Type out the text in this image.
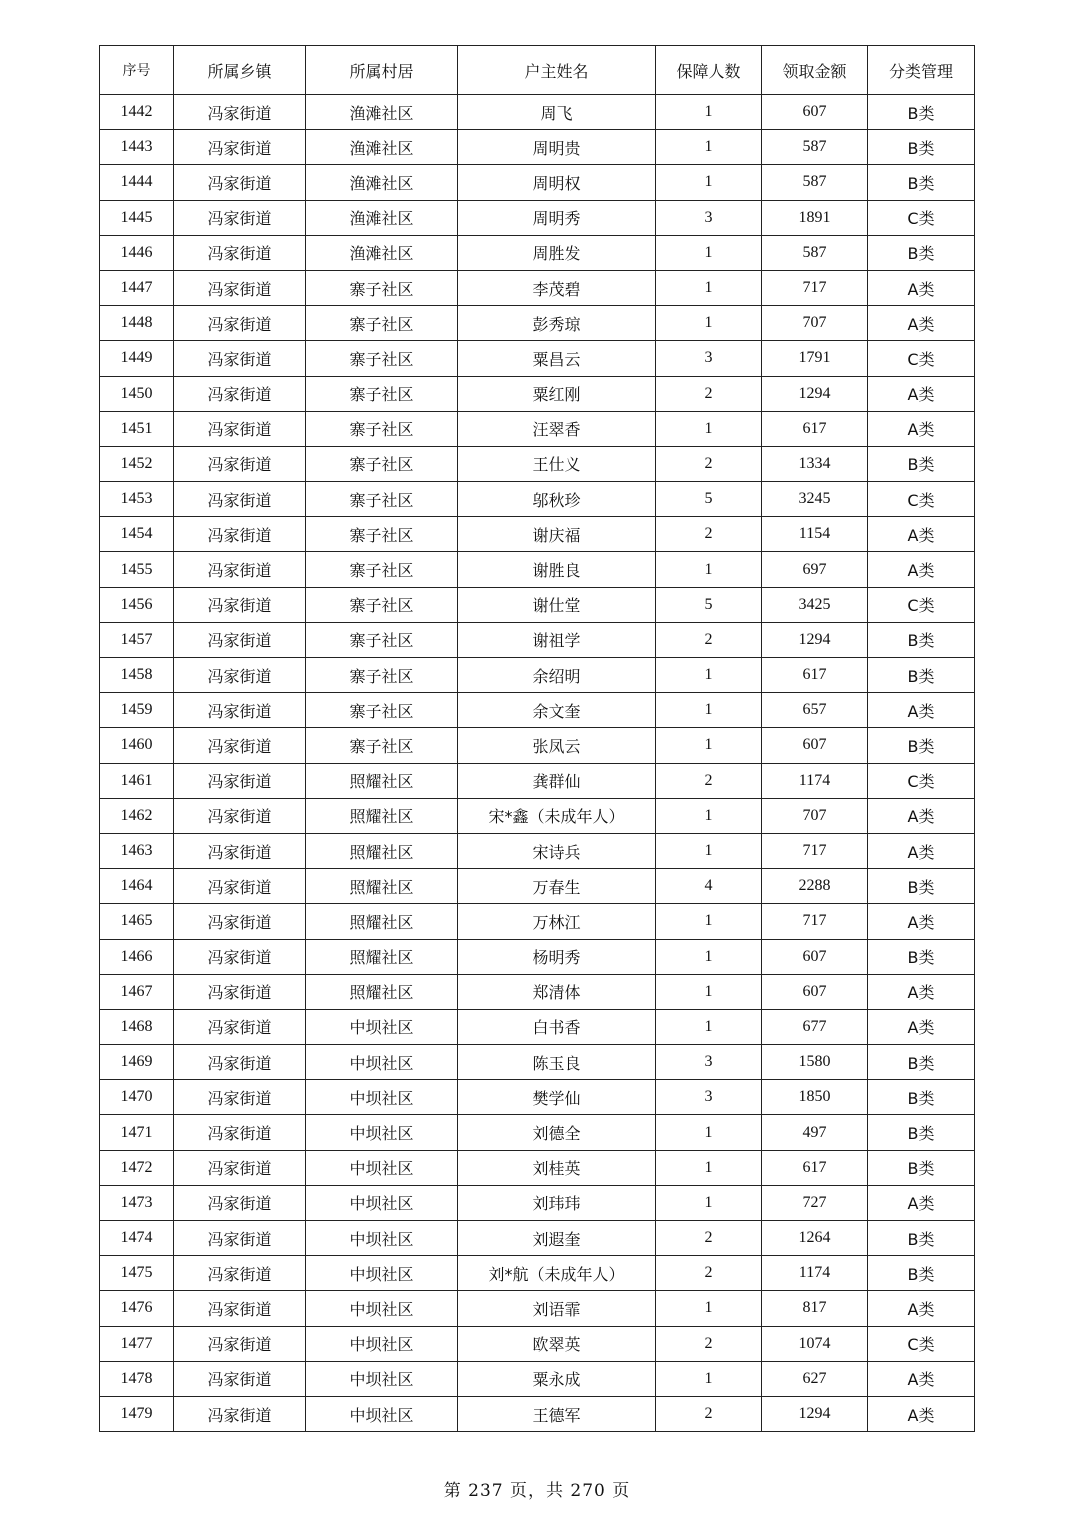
序号	所属乡镇	所属村居	户主姓名	保障人数	领取金额	分类管理
1442	冯家街道	渔滩社区	周飞	1	607	B类
1443	冯家街道	渔滩社区	周明贵	1	587	B类
1444	冯家街道	渔滩社区	周明权	1	587	B类
1445	冯家街道	渔滩社区	周明秀	3	1891	C类
1446	冯家街道	渔滩社区	周胜发	1	587	B类
1447	冯家街道	寨子社区	李茂碧	1	717	A类
1448	冯家街道	寨子社区	彭秀琼	1	707	A类
1449	冯家街道	寨子社区	粟昌云	3	1791	C类
1450	冯家街道	寨子社区	粟红刚	2	1294	A类
1451	冯家街道	寨子社区	汪翠香	1	617	A类
1452	冯家街道	寨子社区	王仕义	2	1334	B类
1453	冯家街道	寨子社区	邬秋珍	5	3245	C类
1454	冯家街道	寨子社区	谢庆福	2	1154	A类
1455	冯家街道	寨子社区	谢胜良	1	697	A类
1456	冯家街道	寨子社区	谢仕堂	5	3425	C类
1457	冯家街道	寨子社区	谢祖学	2	1294	B类
1458	冯家街道	寨子社区	余绍明	1	617	B类
1459	冯家街道	寨子社区	余文奎	1	657	A类
1460	冯家街道	寨子社区	张凤云	1	607	B类
1461	冯家街道	照耀社区	龚群仙	2	1174	C类
1462	冯家街道	照耀社区	宋*鑫（未成年人）	1	707	A类
1463	冯家街道	照耀社区	宋诗兵	1	717	A类
1464	冯家街道	照耀社区	万春生	4	2288	B类
1465	冯家街道	照耀社区	万林江	1	717	A类
1466	冯家街道	照耀社区	杨明秀	1	607	B类
1467	冯家街道	照耀社区	郑清体	1	607	A类
1468	冯家街道	中坝社区	白书香	1	677	A类
1469	冯家街道	中坝社区	陈玉良	3	1580	B类
1470	冯家街道	中坝社区	樊学仙	3	1850	B类
1471	冯家街道	中坝社区	刘德全	1	497	B类
1472	冯家街道	中坝社区	刘桂英	1	617	B类
1473	冯家街道	中坝社区	刘玮玮	1	727	A类
1474	冯家街道	中坝社区	刘遐奎	2	1264	B类
1475	冯家街道	中坝社区	刘*航（未成年人）	2	1174	B类
1476	冯家街道	中坝社区	刘语霏	1	817	A类
1477	冯家街道	中坝社区	欧翠英	2	1074	C类
1478	冯家街道	中坝社区	粟永成	1	627	A类
1479	冯家街道	中坝社区	王德军	2	1294	A类
第 237 页，共 270 页
